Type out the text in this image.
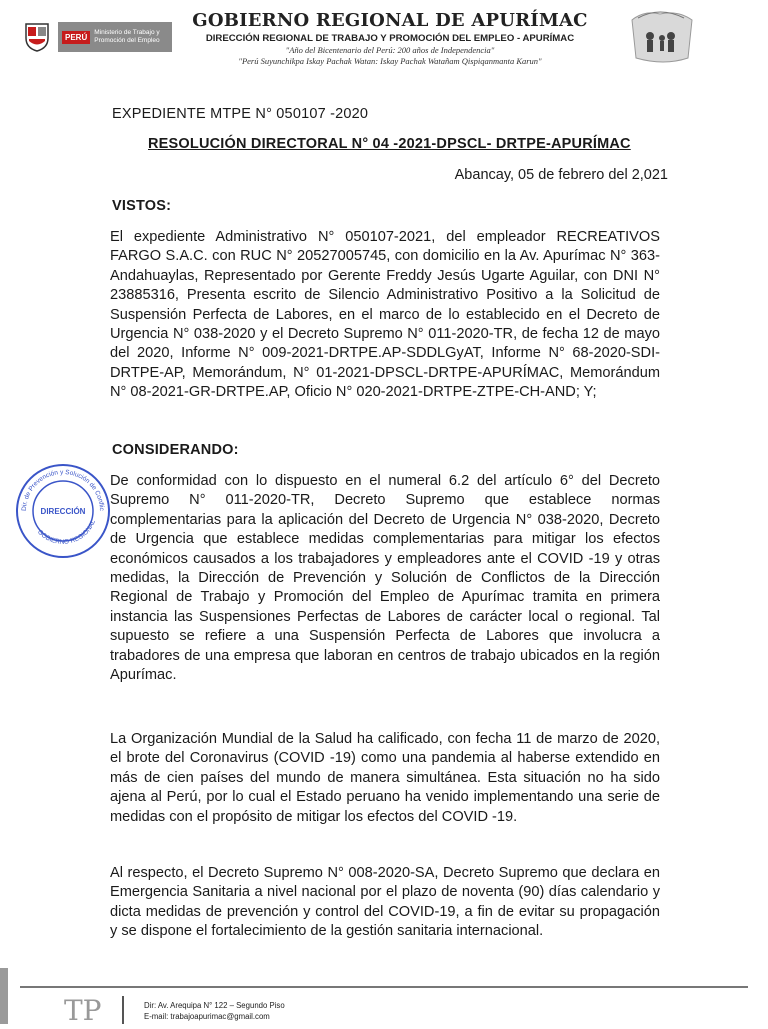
PERÚ	Ministerio de Trabajo y Promoción del Empleo
GOBIERNO REGIONAL DE APURÍMAC
DIRECCIÓN REGIONAL DE TRABAJO Y PROMOCIÓN DEL EMPLEO - APURÍMAC
"Año del Bicentenario del Perú: 200 años de Independencia"
"Perú Suyunchikpa Iskay Pachak Watan: Iskay Pachak Watañam Qispiqanmanta Karun"
EXPEDIENTE MTPE N° 050107 -2020
RESOLUCIÓN DIRECTORAL N° 04 -2021-DPSCL- DRTPE-APURÍMAC
Abancay, 05 de febrero del 2,021
VISTOS:
El expediente Administrativo N° 050107-2021, del empleador RECREATIVOS FARGO S.A.C. con RUC N° 20527005745, con domicilio en la Av. Apurímac N° 363-Andahuaylas, Representado por Gerente Freddy Jesús Ugarte Aguilar, con DNI N° 23885316, Presenta escrito de Silencio Administrativo Positivo a la Solicitud de Suspensión Perfecta de Labores, en el marco de lo establecido en el Decreto de Urgencia N° 038-2020 y el Decreto Supremo N° 011-2020-TR, de fecha 12 de mayo del 2020, Informe N° 009-2021-DRTPE.AP-SDDLGyAT, Informe N° 68-2020-SDI-DRTPE-AP, Memorándum, N° 01-2021-DPSCL-DRTPE-APURÍMAC, Memorándum N° 08-2021-GR-DRTPE.AP, Oficio N° 020-2021-DRTPE-ZTPE-CH-AND; Y;
CONSIDERANDO:
De conformidad con lo dispuesto en el numeral 6.2 del artículo 6° del Decreto Supremo N° 011-2020-TR, Decreto Supremo que establece normas complementarias para la aplicación del Decreto de Urgencia N° 038-2020, Decreto de Urgencia que establece medidas complementarias para mitigar los efectos económicos causados a los trabajadores y empleadores ante el COVID -19 y otras medidas, la Dirección de Prevención y Solución de Conflictos de la Dirección Regional de Trabajo y Promoción del Empleo de Apurímac tramita en primera instancia las Suspensiones Perfectas de Labores de carácter local o regional. Tal supuesto se refiere a una Suspensión Perfecta de Labores que involucra a trabadores de una empresa que laboran en centros de trabajo ubicados en la región Apurímac.
La Organización Mundial de la Salud ha calificado, con fecha 11 de marzo de 2020, el brote del Coronavirus (COVID -19) como una pandemia al haberse extendido en más de cien países del mundo de manera simultánea. Esta situación no ha sido ajena al Perú, por lo cual el Estado peruano ha venido implementando una serie de medidas con el propósito de mitigar los efectos del COVID -19.
Al respecto, el Decreto Supremo N° 008-2020-SA, Decreto Supremo que declara en Emergencia Sanitaria a nivel nacional por el plazo de noventa (90) días calendario y dicta medidas de prevención y control del COVID-19, a fin de evitar su propagación y se dispone el fortalecimiento de la gestión sanitaria internacional.
Dir. de Prevención y Solución de Conflic
DIRECCIÓN
GOBIERNO REGIONAL
TP	Dir: Av. Arequipa N° 122 – Segundo Piso
E-mail: trabajoapurimac@gmail.com
